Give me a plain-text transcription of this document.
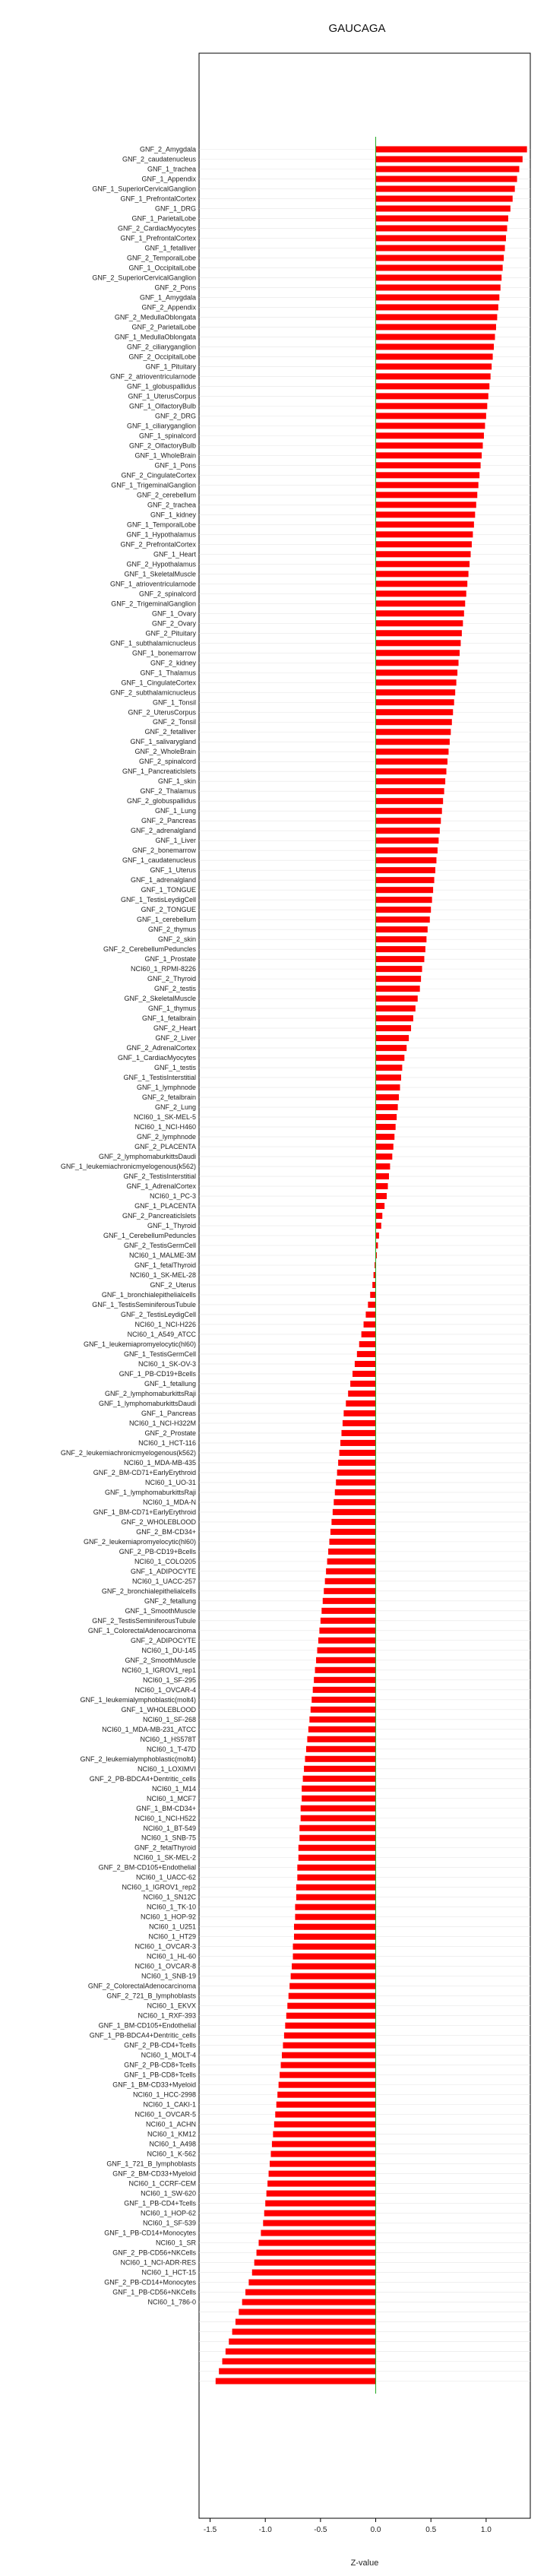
GAUCAGA
GNF_2_Amygdala
GNF_2_caudatenucleus
GNF_1_trachea
GNF_1_Appendix
GNF_1_SuperiorCervicalGanglion
GNF_1_PrefrontalCortex
GNF_1_DRG
GNF_1_ParietalLobe
GNF_2_CardiacMyocytes
GNF_1_PrefrontalCortex
GNF_1_fetalliver
GNF_2_TemporalLobe
GNF_1_OccipitalLobe
GNF_2_SuperiorCervicalGanglion
GNF_2_Pons
GNF_1_Amygdala
GNF_2_Appendix
GNF_2_MedullaOblongata
GNF_2_ParietalLobe
GNF_1_MedullaOblongata
GNF_2_ciliaryganglion
GNF_2_OccipitalLobe
GNF_1_Pituitary
GNF_2_atrioventricularnode
GNF_1_globuspallidus
GNF_1_UterusCorpus
GNF_1_OlfactoryBulb
GNF_2_DRG
GNF_1_ciliaryganglion
GNF_1_spinalcord
GNF_2_OlfactoryBulb
GNF_1_WholeBrain
GNF_1_Pons
GNF_2_CingulateCortex
GNF_1_TrigeminalGanglion
GNF_2_cerebellum
GNF_2_trachea
GNF_1_kidney
GNF_1_TemporalLobe
GNF_1_Hypothalamus
GNF_2_PrefrontalCortex
GNF_1_Heart
GNF_2_Hypothalamus
GNF_1_SkeletalMuscle
GNF_1_atrioventricularnode
GNF_2_spinalcord
GNF_2_TrigeminalGanglion
GNF_1_Ovary
GNF_2_Ovary
GNF_2_Pituitary
GNF_1_subthalamicnucleus
GNF_1_bonemarrow
GNF_2_kidney
GNF_1_Thalamus
GNF_1_CingulateCortex
GNF_2_subthalamicnucleus
GNF_1_Tonsil
GNF_2_UterusCorpus
GNF_2_Tonsil
GNF_2_fetalliver
GNF_1_salivarygland
GNF_2_WholeBrain
GNF_2_spinalcord
GNF_1_Pancreaticlslets
GNF_1_skin
GNF_2_Thalamus
GNF_2_globuspallidus
GNF_1_Lung
GNF_2_Pancreas
GNF_2_adrenalgland
GNF_1_Liver
GNF_2_bonemarrow
GNF_1_caudatenucleus
GNF_1_Uterus
GNF_1_adrenalgland
GNF_1_TONGUE
GNF_1_TestisLeydigCell
GNF_2_TONGUE
GNF_1_cerebellum
GNF_2_thymus
GNF_2_skin
GNF_2_CerebellumPeduncles
GNF_1_Prostate
NCI60_1_RPMI-8226
GNF_2_Thyroid
GNF_2_testis
GNF_2_SkeletalMuscle
GNF_1_thymus
GNF_1_fetalbrain
GNF_2_Heart
GNF_2_Liver
GNF_2_AdrenalCortex
GNF_1_CardiacMyocytes
GNF_1_testis
GNF_1_TestisInterstitial
GNF_1_lymphnode
GNF_2_fetalbrain
GNF_2_Lung
NCI60_1_SK-MEL-5
NCI60_1_NCI-H460
GNF_2_lymphnode
GNF_2_PLACENTA
GNF_2_lymphomaburkittsDaudi
GNF_1_leukemiachronicmyelogenous(k562)
GNF_2_TestisInterstitial
GNF_1_AdrenalCortex
NCI60_1_PC-3
GNF_1_PLACENTA
GNF_2_Pancreaticlslets
GNF_1_Thyroid
GNF_1_CerebellumPeduncles
GNF_2_TestisGermCell
NCI60_1_MALME-3M
GNF_1_fetalThyroid
NCI60_1_SK-MEL-28
GNF_2_Uterus
GNF_1_bronchialepithelialcells
GNF_1_TestisSeminiferousTubule
GNF_2_TestisLeydigCell
NCI60_1_NCI-H226
NCI60_1_A549_ATCC
GNF_1_leukemiapromyelocytic(hl60)
GNF_1_TestisGermCell
NCI60_1_SK-OV-3
GNF_1_PB-CD19+Bcells
GNF_1_fetallung
GNF_2_lymphomaburkittsRaji
GNF_1_lymphomaburkittsDaudi
GNF_1_Pancreas
NCI60_1_NCI-H322M
GNF_2_Prostate
NCI60_1_HCT-116
GNF_2_leukemiachronicmyelogenous(k562)
NCI60_1_MDA-MB-435
GNF_2_BM-CD71+EarlyErythroid
NCI60_1_UO-31
GNF_1_lymphomaburkittsRaji
NCI60_1_MDA-N
GNF_1_BM-CD71+EarlyErythroid
GNF_2_WHOLEBLOOD
GNF_2_BM-CD34+
GNF_2_leukemiapromyelocytic(hl60)
GNF_2_PB-CD19+Bcells
NCI60_1_COLO205
GNF_1_ADIPOCYTE
NCI60_1_UACC-257
GNF_2_bronchialepithelialcells
GNF_2_fetallung
GNF_1_SmoothMuscle
GNF_2_TestisSeminiferousTubule
GNF_1_ColorectalAdenocarcinoma
GNF_2_ADIPOCYTE
NCI60_1_DU-145
GNF_2_SmoothMuscle
NCI60_1_IGROV1_rep1
NCI60_1_SF-295
NCI60_1_OVCAR-4
GNF_1_leukemialymphoblastic(molt4)
GNF_1_WHOLEBLOOD
NCI60_1_SF-268
NCI60_1_MDA-MB-231_ATCC
NCI60_1_HS578T
NCI60_1_T-47D
GNF_2_leukemialymphoblastic(molt4)
NCI60_1_LOXIMVI
GNF_2_PB-BDCA4+Dentritic_cells
NCI60_1_M14
NCI60_1_MCF7
GNF_1_BM-CD34+
NCI60_1_NCI-H522
NCI60_1_BT-549
NCI60_1_SNB-75
GNF_2_fetalThyroid
NCI60_1_SK-MEL-2
GNF_2_BM-CD105+Endothelial
NCI60_1_UACC-62
NCI60_1_IGROV1_rep2
NCI60_1_SN12C
NCI60_1_TK-10
NCI60_1_HOP-92
NCI60_1_U251
NCI60_1_HT29
NCI60_1_OVCAR-3
NCI60_1_HL-60
NCI60_1_OVCAR-8
NCI60_1_SNB-19
GNF_2_ColorectalAdenocarcinoma
GNF_2_721_B_lymphoblasts
NCI60_1_EKVX
NCI60_1_RXF-393
GNF_1_BM-CD105+Endothelial
GNF_1_PB-BDCA4+Dentritic_cells
GNF_2_PB-CD4+Tcells
NCI60_1_MOLT-4
GNF_2_PB-CD8+Tcells
GNF_1_PB-CD8+Tcells
GNF_1_BM-CD33+Myeloid
NCI60_1_HCC-2998
NCI60_1_CAKI-1
NCI60_1_OVCAR-5
NCI60_1_ACHN
NCI60_1_KM12
NCI60_1_A498
NCI60_1_K-562
GNF_1_721_B_lymphoblasts
GNF_2_BM-CD33+Myeloid
NCI60_1_CCRF-CEM
NCI60_1_SW-620
GNF_1_PB-CD4+Tcells
NCI60_1_HOP-62
NCI60_1_SF-539
GNF_1_PB-CD14+Monocytes
NCI60_1_SR
GNF_2_PB-CD56+NKCells
NCI60_1_NCI-ADR-RES
NCI60_1_HCT-15
GNF_2_PB-CD14+Monocytes
GNF_1_PB-CD56+NKCells
NCI60_1_786-0
-1.5	-1.0	-0.5	0.0	0.5	1.0
Z-value
